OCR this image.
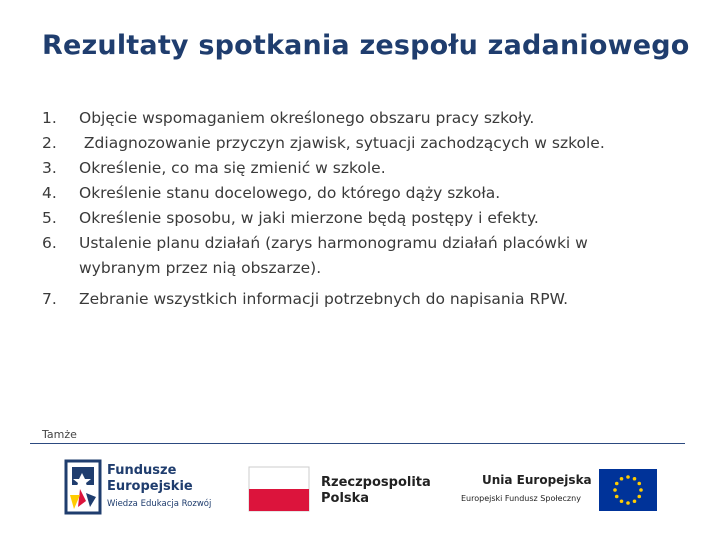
Rezultaty spotkania zespołu zadaniowego
1. Objęcie wspomaganiem określonego obszaru pracy szkoły.
2. Zdiagnozowanie przyczyn zjawisk, sytuacji zachodzących w szkole.
3. Określenie, co ma się zmienić w szkole.
4. Określenie stanu docelowego, do którego dąży szkoła.
5. Określenie sposobu, w jaki mierzone będą postępy i efekty.
6. Ustalenie planu działań (zarys harmonogramu działań placówki w wybranym przez nią obszarze).
7. Zebranie wszystkich informacji potrzebnych do napisania RPW.
Tamże
Fundusze Europejskie
Wiedza Edukacja Rozwój
Rzeczpospolita Polska
Unia Europejska
Europejski Fundusz Społeczny
